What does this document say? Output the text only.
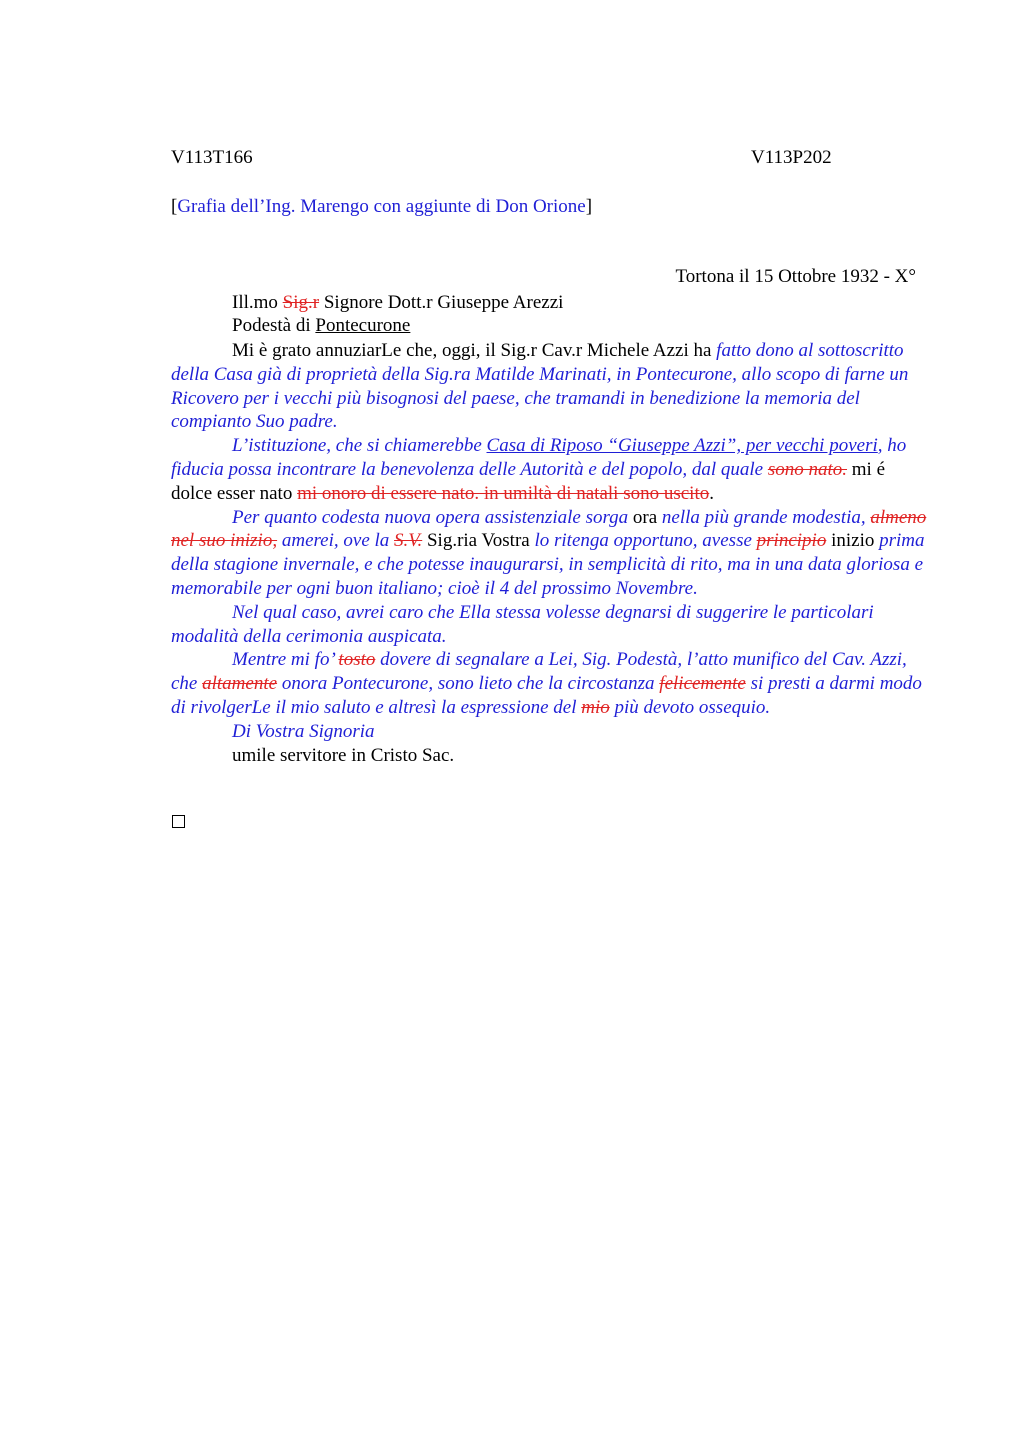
V113T166	V113P202
[Grafia dell’Ing. Marengo con aggiunte di Don Orione]
Tortona il 15 Ottobre 1932 - X°
Ill.mo Sig.r Signore Dott.r Giuseppe Arezzi
Podestà di Pontecurone

Mi è grato annuziarLe che, oggi, il Sig.r Cav.r Michele Azzi ha fatto dono al sottoscritto della Casa già di proprietà della Sig.ra Matilde Marinati, in Pontecurone, allo scopo di farne un Ricovero per i vecchi più bisognosi del paese, che tramandi in benedizione la memoria del compianto Suo padre.

L’istituzione, che si chiamerebbe Casa di Riposo “Giuseppe Azzi”, per vecchi poveri, ho fiducia possa incontrare la benevolenza delle Autorità e del popolo, dal quale sono nato. mi é dolce esser nato mi onoro di essere nato. in umiltà di natali sono uscito.

Per quanto codesta nuova opera assistenziale sorga ora nella più grande modestia, almeno nel suo inizio, amerei, ove la S.V. Sig.ria Vostra lo ritenga opportuno, avesse principio inizio prima della stagione invernale, e che potesse inaugurarsi, in semplicità di rito, ma in una data gloriosa e memorabile per ogni buon italiano; cioè il 4 del prossimo Novembre.

Nel qual caso, avrei caro che Ella stessa volesse degnarsi di suggerire le particolari modalità della cerimonia auspicata.

Mentre mi fo’ tosto dovere di segnalare a Lei, Sig. Podestà, l’atto munifico del Cav. Azzi, che altamente onora Pontecurone, sono lieto che la circostanza felicemente si presti a darmi modo di rivolgerLe il mio saluto e altresì la espressione del mio più devoto ossequio.

Di Vostra Signoria

umile servitore in Cristo Sac.
